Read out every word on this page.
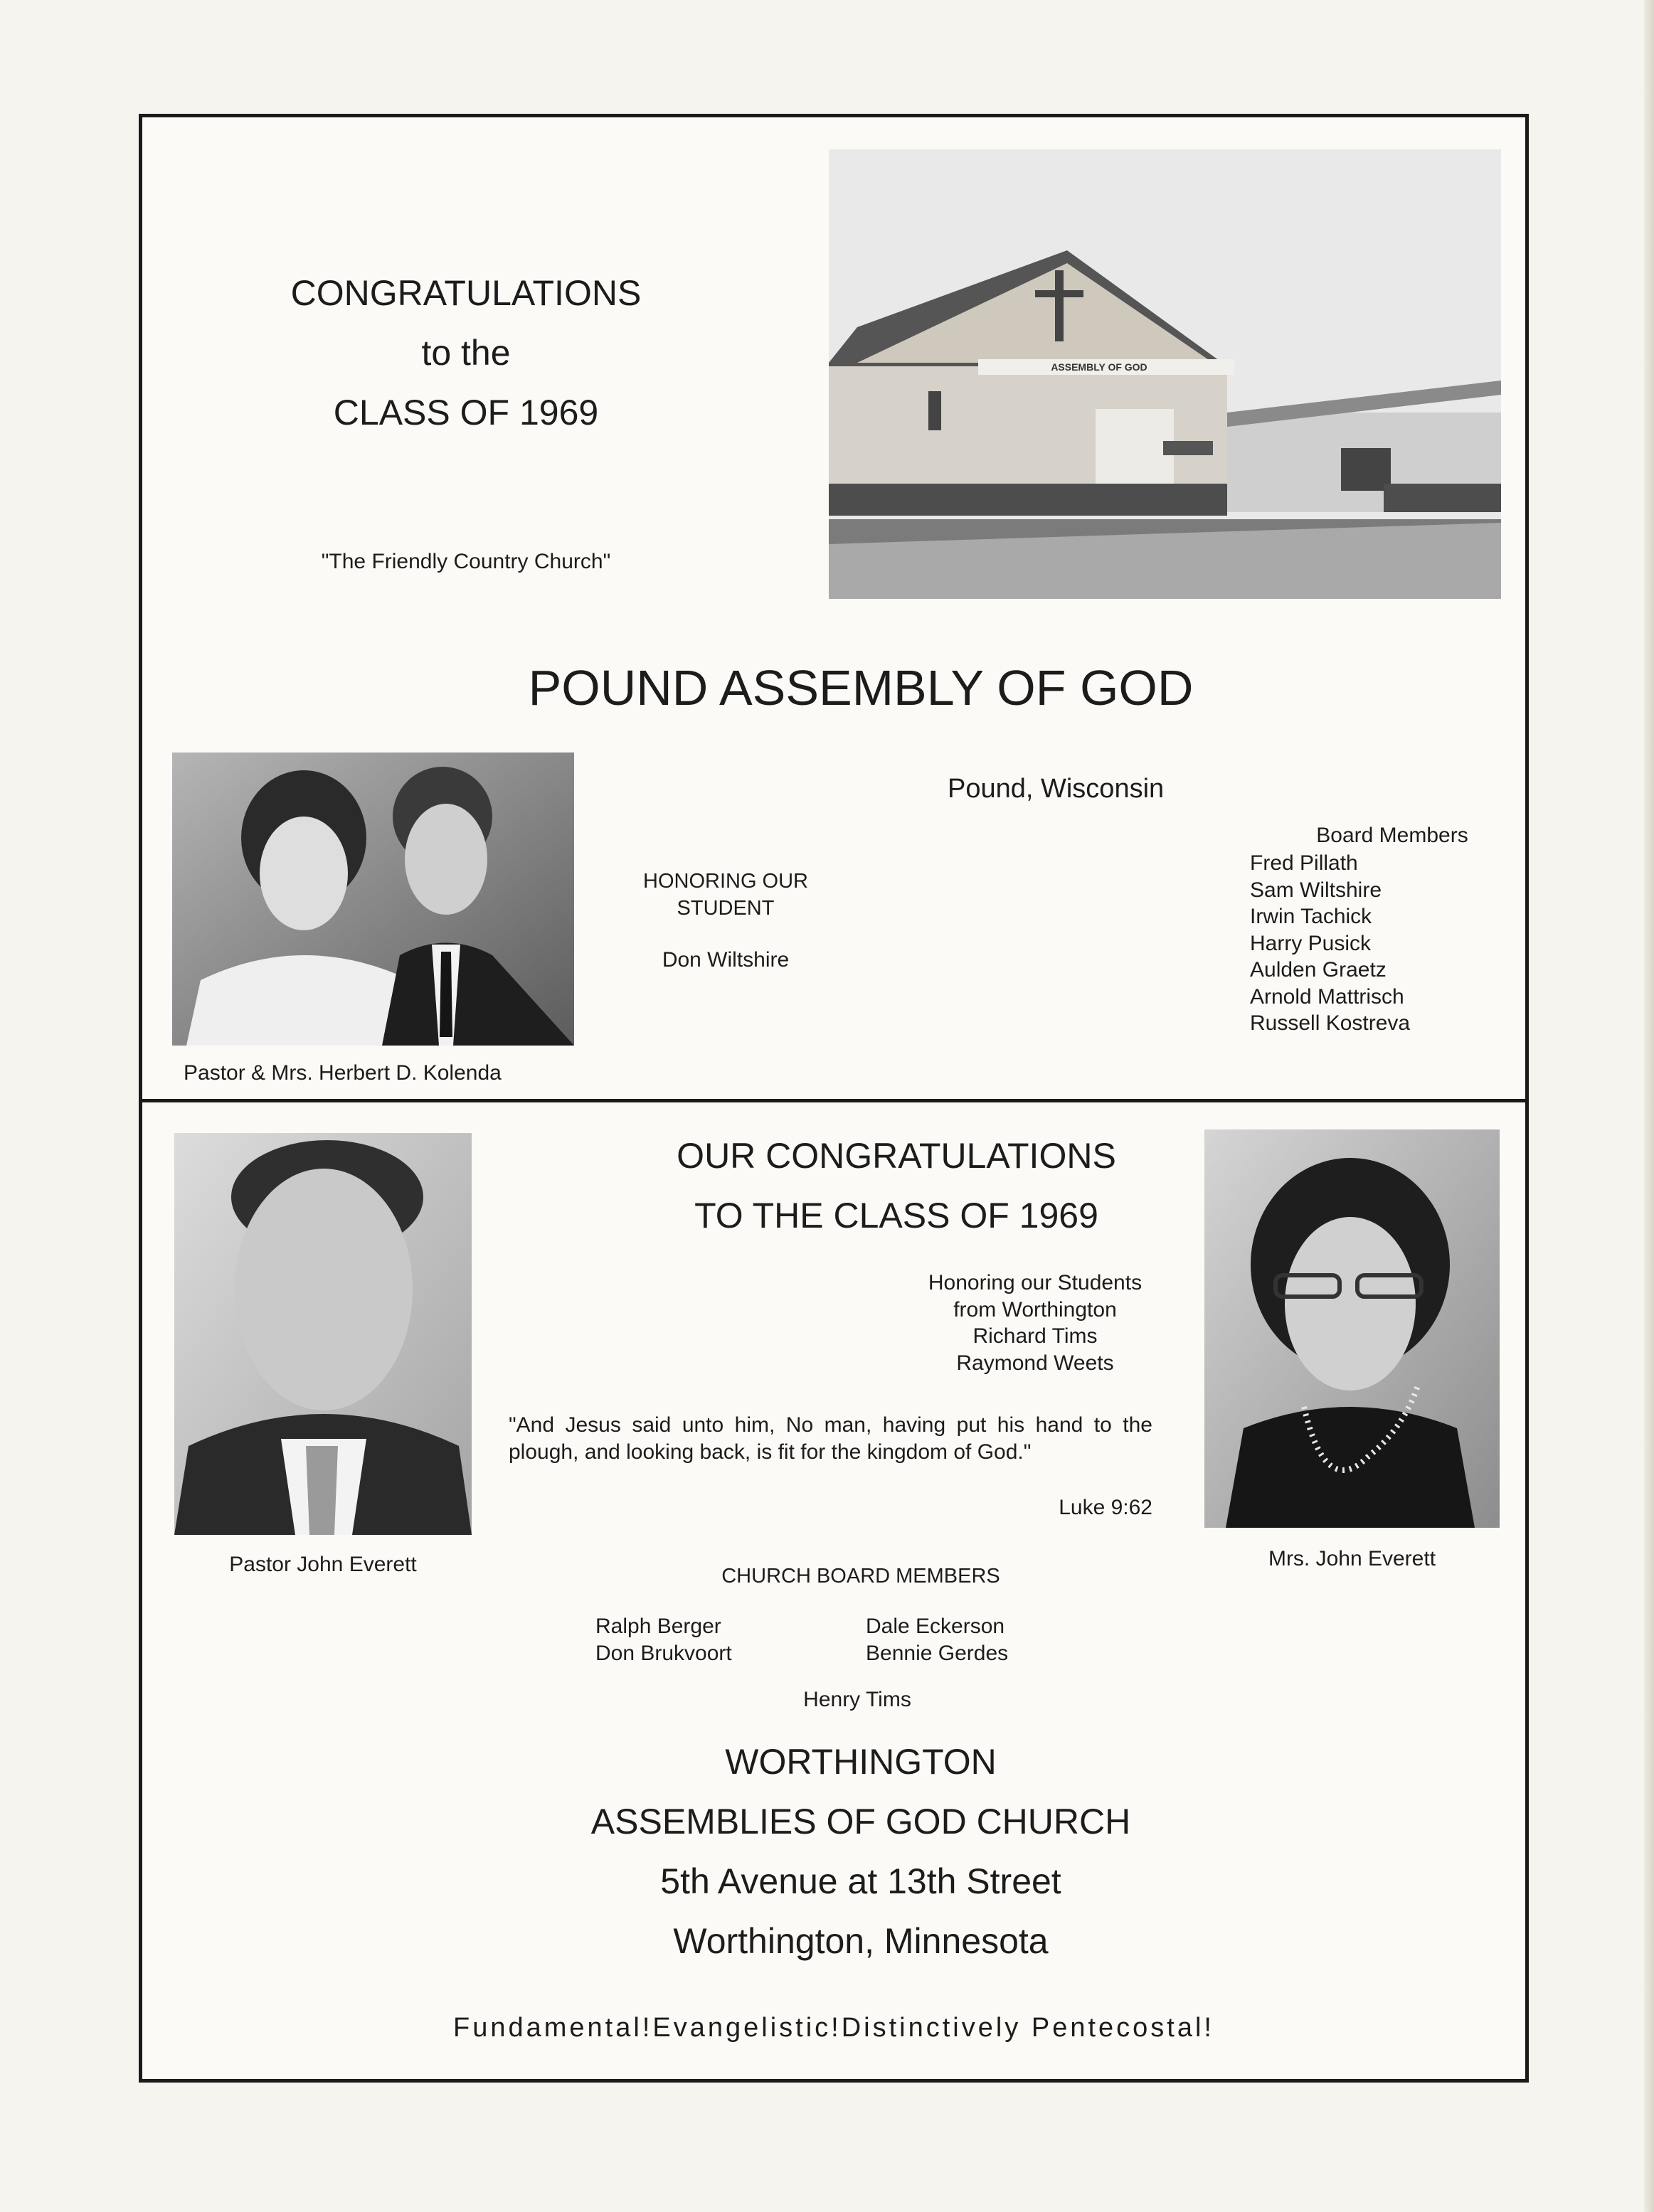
CONGRATULATIONS
to the
CLASS OF 1969
"The Friendly Country Church"
ASSEMBLY OF GOD
POUND ASSEMBLY OF GOD
Pastor & Mrs. Herbert D. Kolenda
Pound, Wisconsin
HONORING OUR
STUDENT
Don Wiltshire
Board Members
Fred Pillath
Sam Wiltshire
Irwin Tachick
Harry Pusick
Aulden Graetz
Arnold Mattrisch
Russell Kostreva
Pastor John Everett
OUR CONGRATULATIONS
TO THE CLASS OF 1969
Honoring our Students
from Worthington
Richard Tims
Raymond Weets

"And Jesus said unto him, No man, having put his hand to the plough, and looking back, is fit for the kingdom of God."

Luke 9:62
Mrs. John Everett
CHURCH BOARD MEMBERS
Ralph Berger
Don Brukvoort
Dale Eckerson
Bennie Gerdes
Henry Tims
WORTHINGTON
ASSEMBLIES OF GOD CHURCH
5th Avenue at 13th Street
Worthington, Minnesota
Fundamental!Evangelistic!Distinctively Pentecostal!
